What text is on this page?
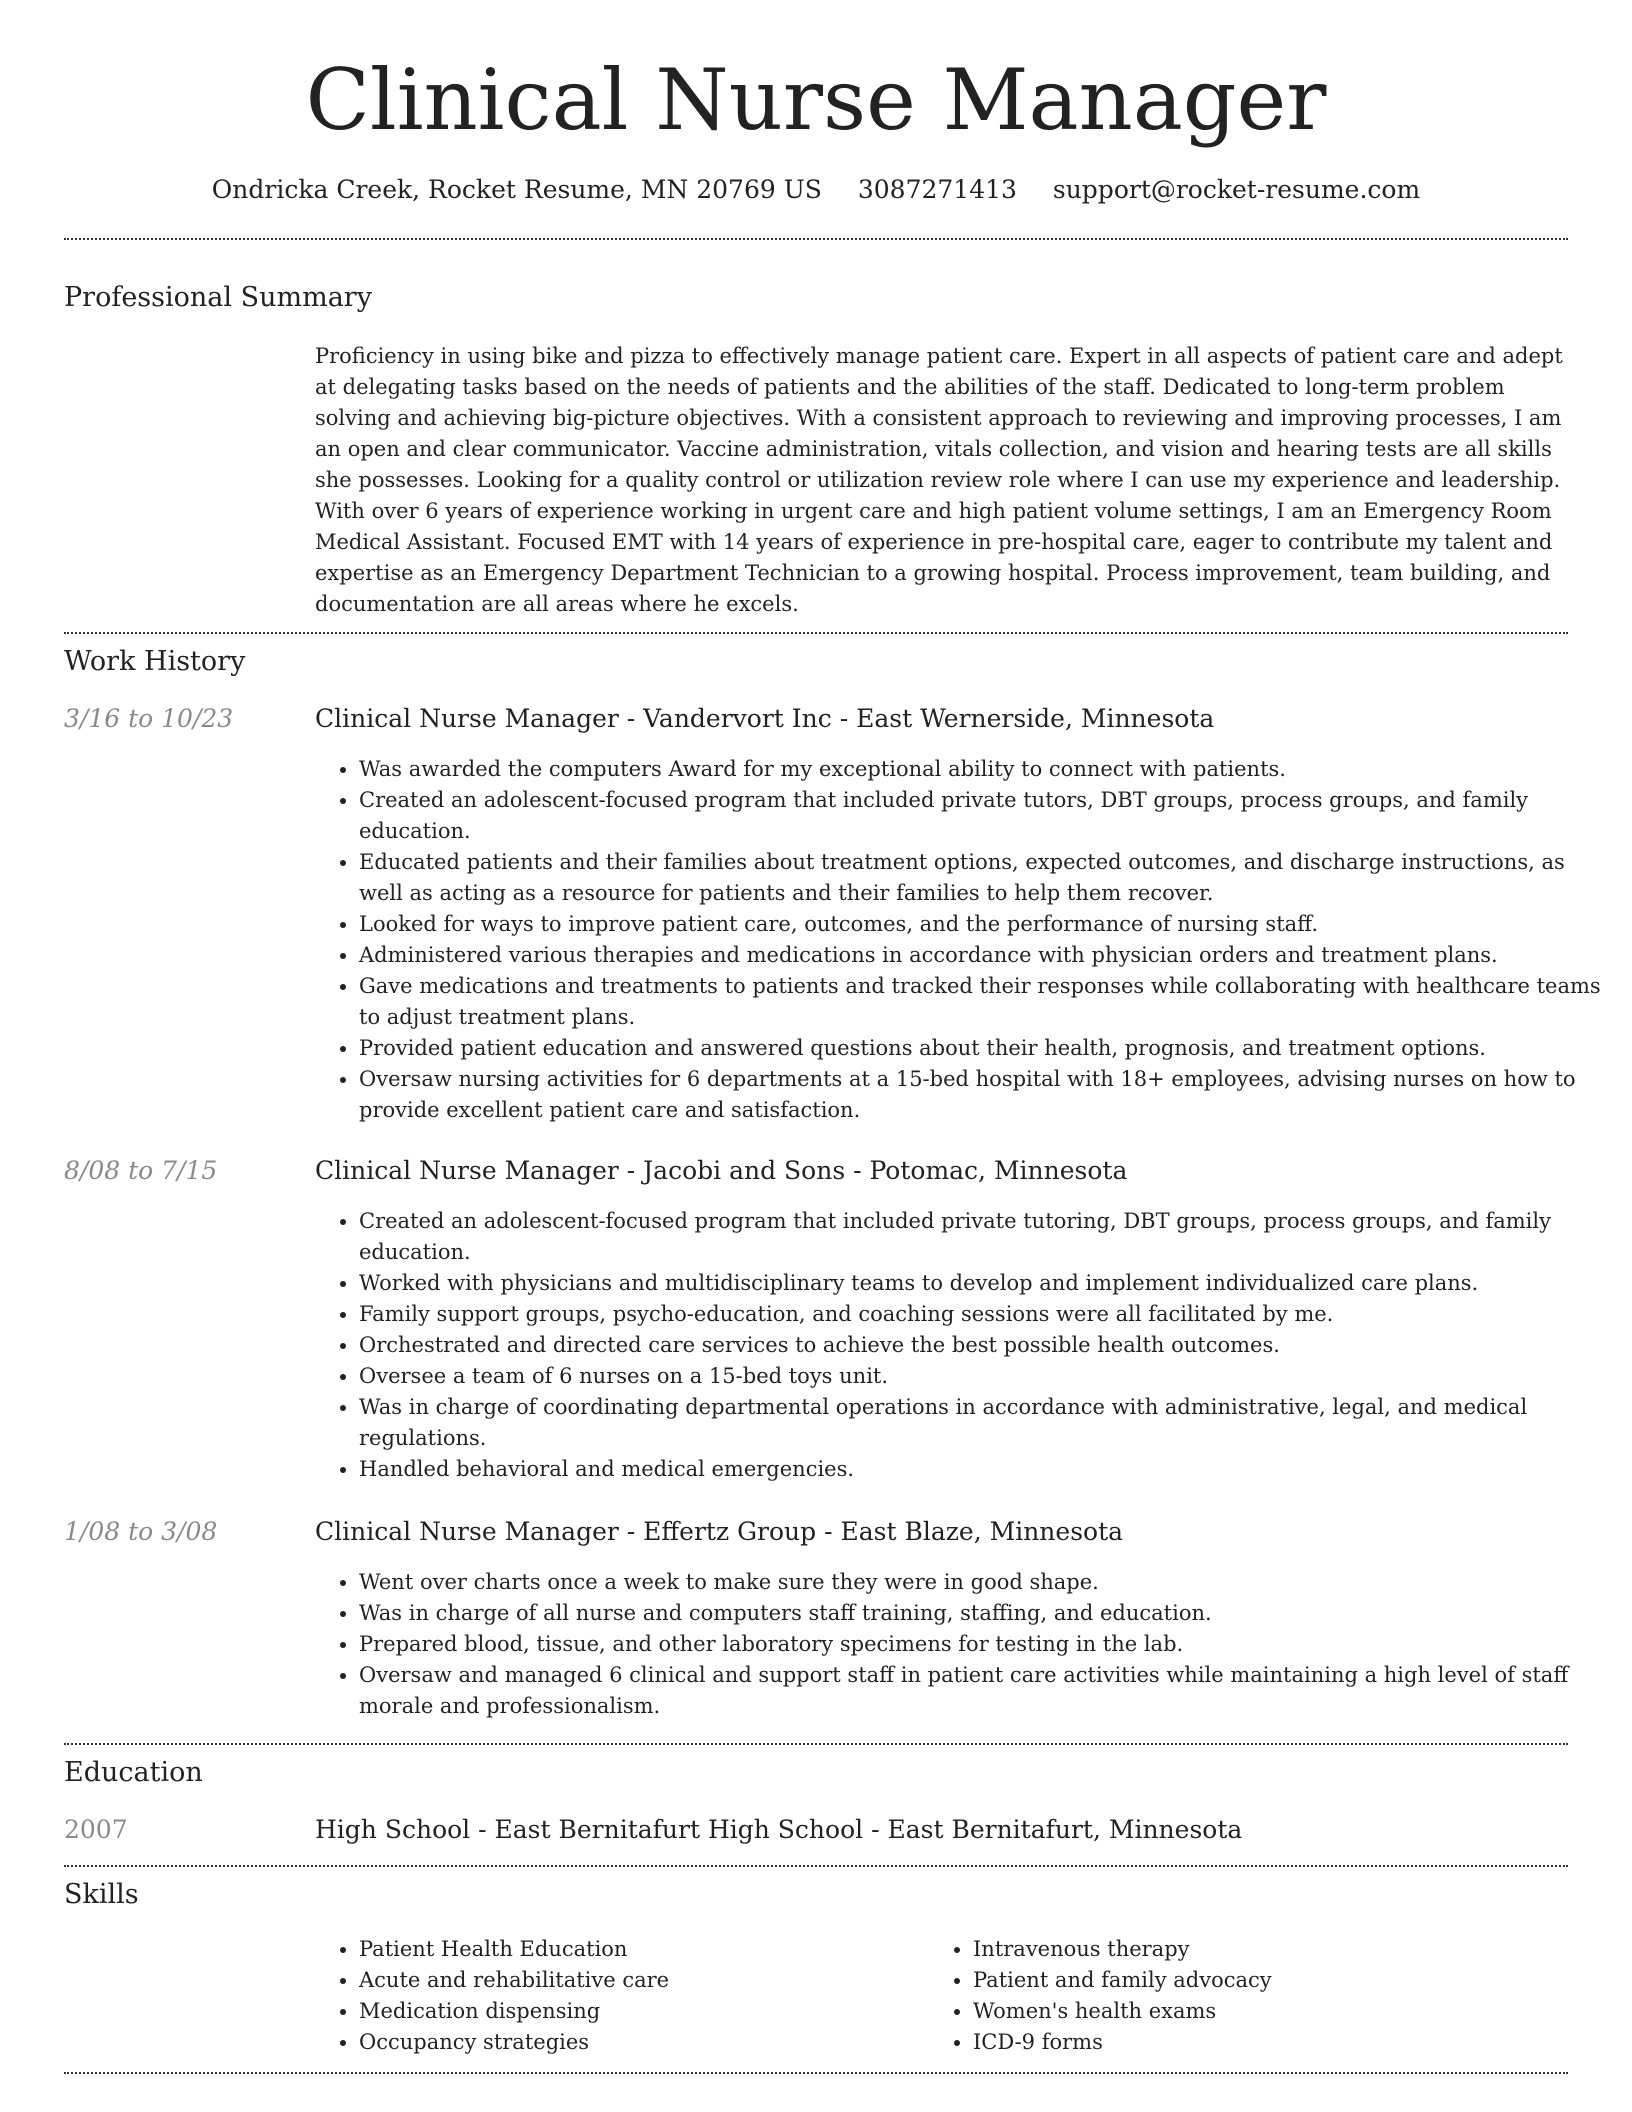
Clinical Nurse Manager
Ondricka Creek, Rocket Resume, MN 20769 US 3087271413 support@rocket-resume.com
Professional Summary

Proficiency in using bike and pizza to effectively manage patient care. Expert in all aspects of patient care and adept at delegating tasks based on the needs of patients and the abilities of the staff. Dedicated to long-term problem solving and achieving big-picture objectives. With a consistent approach to reviewing and improving processes, I am an open and clear communicator. Vaccine administration, vitals collection, and vision and hearing tests are all skills she possesses. Looking for a quality control or utilization review role where I can use my experience and leadership. With over 6 years of experience working in urgent care and high patient volume settings, I am an Emergency Room Medical Assistant. Focused EMT with 14 years of experience in pre-hospital care, eager to contribute my talent and expertise as an Emergency Department Technician to a growing hospital. Process improvement, team building, and documentation are all areas where he excels.

Work History
3/16 to 10/23	Clinical Nurse Manager - Vandervort Inc - East Wernerside, Minnesota
• Was awarded the computers Award for my exceptional ability to connect with patients.
• Created an adolescent-focused program that included private tutors, DBT groups, process groups, and family education.
• Educated patients and their families about treatment options, expected outcomes, and discharge instructions, as well as acting as a resource for patients and their families to help them recover.
• Looked for ways to improve patient care, outcomes, and the performance of nursing staff.
• Administered various therapies and medications in accordance with physician orders and treatment plans.
• Gave medications and treatments to patients and tracked their responses while collaborating with healthcare teams to adjust treatment plans.
• Provided patient education and answered questions about their health, prognosis, and treatment options.
• Oversaw nursing activities for 6 departments at a 15-bed hospital with 18+ employees, advising nurses on how to provide excellent patient care and satisfaction.
8/08 to 7/15	Clinical Nurse Manager - Jacobi and Sons - Potomac, Minnesota
• Created an adolescent-focused program that included private tutoring, DBT groups, process groups, and family education.
• Worked with physicians and multidisciplinary teams to develop and implement individualized care plans.
• Family support groups, psycho-education, and coaching sessions were all facilitated by me.
• Orchestrated and directed care services to achieve the best possible health outcomes.
• Oversee a team of 6 nurses on a 15-bed toys unit.
• Was in charge of coordinating departmental operations in accordance with administrative, legal, and medical regulations.
• Handled behavioral and medical emergencies.
1/08 to 3/08	Clinical Nurse Manager - Effertz Group - East Blaze, Minnesota
• Went over charts once a week to make sure they were in good shape.
• Was in charge of all nurse and computers staff training, staffing, and education.
• Prepared blood, tissue, and other laboratory specimens for testing in the lab.
• Oversaw and managed 6 clinical and support staff in patient care activities while maintaining a high level of staff morale and professionalism.
Education
2007	High School - East Bernitafurt High School - East Bernitafurt, Minnesota
Skills
• Patient Health Education
• Acute and rehabilitative care
• Medication dispensing
• Occupancy strategies
• Intravenous therapy
• Patient and family advocacy
• Women's health exams
• ICD-9 forms
